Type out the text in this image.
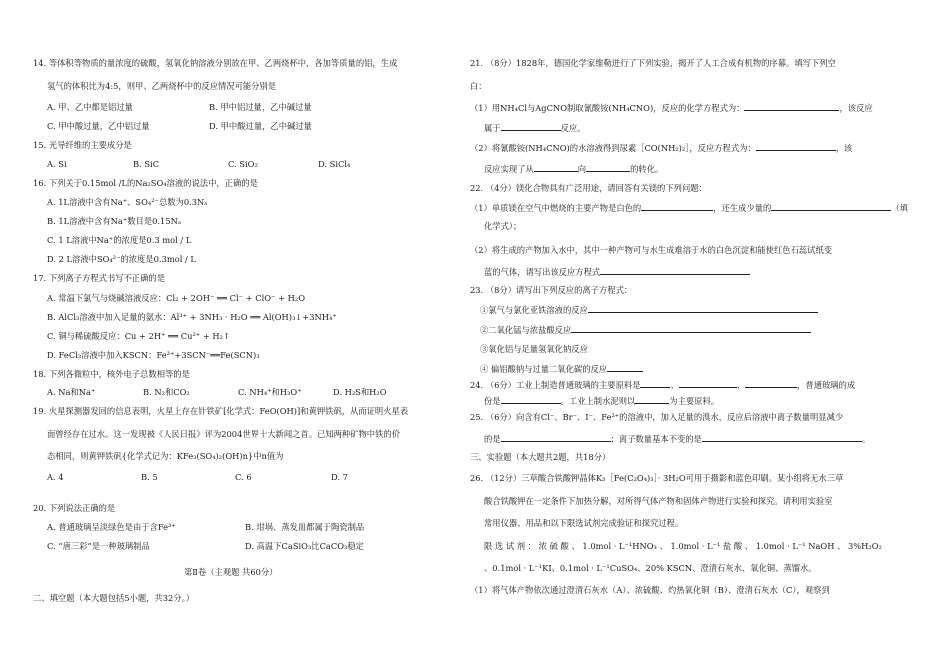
14. 等体积等物质的量浓度的硫酸，氢氧化钠溶液分别放在甲、乙两烧杯中，各加等质量的铝，生成
氢气的体积比为4:5，则甲、乙两烧杯中的反应情况可能分别是
A. 甲、乙中都是铝过量	B. 甲中铝过量，乙中碱过量
C. 甲中酸过量，乙中铝过量	D. 甲中酸过量，乙中碱过量
15. 光导纤维的主要成分是
A. Si	B. SiC	C. SiO₂	D. SiCl₄
16. 下列关于0.15mol /L的Na₂SO₄溶液的说法中，正确的是
A. 1L溶液中含有Na⁺、SO₄²⁻总数为0.3Nₐ
B. 1L溶液中含有Na⁺数目是0.15Nₐ
C. 1 L溶液中Na⁺的浓度是0.3 mol / L
D. 2 L溶液中SO₄²⁻的浓度是0.3mol / L
17. 下列离子方程式书写不正确的是
A. 常温下氯气与烧碱溶液反应：Cl₂ + 2OH⁻ ══ Cl⁻ + ClO⁻ + H₂O
B. AlCl₃溶液中加入足量的氨水：Al³⁺ + 3NH₃ · H₂O ══ Al(OH)₃↓+3NH₄⁺
C. 铜与稀硫酸反应：Cu + 2H⁺ ══ Cu²⁺ + H₂↑
D. FeCl₃溶液中加入KSCN：Fe³⁺+3SCN⁻══Fe(SCN)₃
18. 下列各微粒中，核外电子总数相等的是
A. Na和Na⁺	B. N₂和CO₂	C. NH₄⁺和H₃O⁺	D. H₂S和H₂O
19. 火星探测器发回的信息表明，火星上存在针铁矿[化学式：FeO(OH)]和黄钾铁矾，从而证明火星表
面曾经存在过水。这一发现被《人民日报》评为2004世界十大新闻之首。已知两种矿物中铁的价
态相同，则黄钾铁矾{化学式记为：KFe₃(SO₄)₂(OH)n}中n值为
A. 4	B. 5	C. 6	D. 7
20. 下列说法正确的是
A. 普通玻璃呈淡绿色是由于含Fe³⁺	B. 坩埚、蒸发皿都属于陶瓷制品
C. “唐三彩”是一种玻璃制品	D. 高温下CaSiO₃比CaCO₃稳定
第Ⅱ卷（主观题 共60分）
二、填空题（本大题包括5小题，共32分。）
21. （8分）1828年，德国化学家维勒进行了下列实验，揭开了人工合成有机物的序幕。填写下列空
白：
（1）用NH₄Cl与AgCNO制取氰酸铵(NH₄CNO)，反应的化学方程式为：	，该反应
属于	反应。
（2）将氰酸铵(NH₄CNO)的水溶液得到尿素［CO(NH₂)₂］，反应方程式为：	，该
反应实现了从	向	的转化。
22. （4分）镁化合物具有广泛用途，请回答有关镁的下列问题：
（1）单质镁在空气中燃烧的主要产物是白色的	，还生成少量的	（填
化学式）；
（2）将生成的产物加入水中，其中一种产物可与水生成难溶于水的白色沉淀和能使红色石蕊试纸变
蓝的气体，请写出该反应方程式
23. （8分）请写出下列反应的离子方程式：
①氯气与氯化亚铁溶液的反应
②二氧化锰与浓盐酸反应
③氧化铝与足量氢氧化钠反应
④ 偏铝酸钠与过量二氧化碳的反应
24. （6分）工业上制造普通玻璃的主要原料是	、	、	，普通玻璃的成
份是	。工业上制水泥则以	为主要原料。
25. （6分）向含有Cl⁻、Br⁻、I⁻、Fe²⁺的溶液中，加入足量的溴水，反应后溶液中离子数量明显减少
的是	；离子数量基本不变的是	。
三、实验题（本大题共2题，共18分）
26. （12分）三草酸合铁酸钾晶体K₃［Fe(C₂O₄)₃］· 3H₂O可用于摄影和蓝色印刷。某小组将无水三草
酸合铁酸钾在一定条件下加热分解，对所得气体产物和固体产物进行实验和探究。请利用实验室
常用仪器、用品和以下限选试剂完成验证和探究过程。
限 选 试 剂 ： 浓 硫 酸 、 1.0mol · L⁻¹HNO₃ 、 1.0mol · L⁻¹ 盐 酸 、 1.0mol · L⁻¹ NaOH 、 3%H₂O₂
、0.1mol · L⁻¹KI、0.1mol · L⁻¹CuSO₄、20% KSCN、澄清石灰水、氧化铜、蒸馏水。
（1）将气体产物依次通过澄清石灰水（A）、浓硫酸、灼热氧化铜（B）、澄清石灰水（C），观察到
